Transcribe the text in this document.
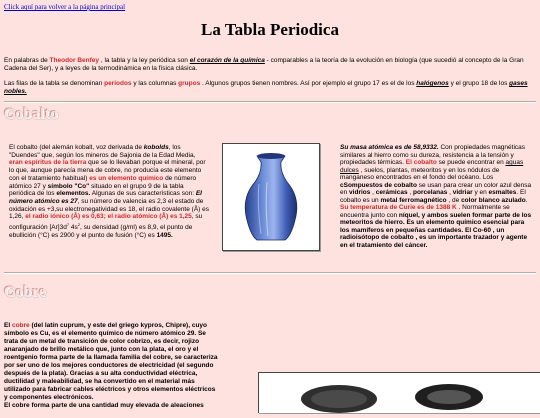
Click aquí para volver a la página principal
La Tabla Periodica
En palabras de Theodor Benfey , la tabla y la ley periódica son el corazón de la química - comparables a la teoría de la evolución en biología (que sucedió al concepto de la Gran Cadena del Ser), y a leyes de la termodinámica en la física clásica.
Las filas de la tabla se denominan periodos y las columnas grupos . Algunos grupos tienen nombres. Así por ejemplo el grupo 17 es el de los halógenos y el grupo 18 de los gases nobles.
Cobalto
El cobalto (del alemán kobalt, voz derivada de kobolds, los "Duendes" que, según los mineros de Sajonia de la Edad Media, eran espíritus de la tierra que se lo llevaban porque el mineral, por lo que, aunque parecía mena de cobre, no producía este elemento con el tratamiento habitual) es un elemento químico de número atómico 27 y símbolo "Co" situado en el grupo 9 de la tabla periódica de los elementos. Algunas de sus características son: El número atómico es 27, su número de valencia es 2,3 el estado de oxidación es +3,su electronegatividad es 18, el radio covalente (Å) es 1,26, el radio iónico (Å) es 0,63; el radio atómico (Å) es 1,25, su configuración $[Ar]3d^7$ $4s^2$, su densidad (g/ml) es 8,9, el punto de ebullición (°C) es 2900 y el punto de fusión (°C) es 1495.
Su masa atómica es de 58,9332. Con propiedades magnéticas similares al hierro como su dureza, resistencia a la tensión y propiedades térmicas. El cobalto se puede encontrar en aguas dulces , suelos, plantas, meteoritos y en los nódulos de manganeso encontrados en el fondo del océano. Los cSompuestos de cobalto se usan para crear un color azul densa en vidrios , cerámicas , porcelanas , vidriar y en esmaltes. El cobalto es un metal ferromagnético , de color blanco azulado. Su temperatura de Curie es de 1388 K . Normalmente se encuentra junto con níquel, y ambos suelen formar parte de los meteoritos de hierro. Es un elemento químico esencial para los mamíferos en pequeñas cantidades. El Co-60 , un radioisótopo de cobalto , es un importante trazador y agente en el tratamiento del cáncer.
Cobre
El cobre (del latín cuprum, y este del griego kypros, Chipre), cuyo símbolo es Cu, es el elemento químico de número atómico 29. Se trata de un metal de transición de color cobrizo, es decir, rojizo anaranjado de brillo metálico que, junto con la plata, el oro y el roentgenio forma parte de la llamada familia del cobre, se caracteriza por ser uno de los mejores conductores de electricidad (el segundo después de la plata). Gracias a su alta conductividad eléctrica, ductilidad y maleabilidad, se ha convertido en el material más utilizado para fabricar cables eléctricos y otros elementos eléctricos y componentes electrónicos.
El cobre forma parte de una cantidad muy elevada de aleaciones
